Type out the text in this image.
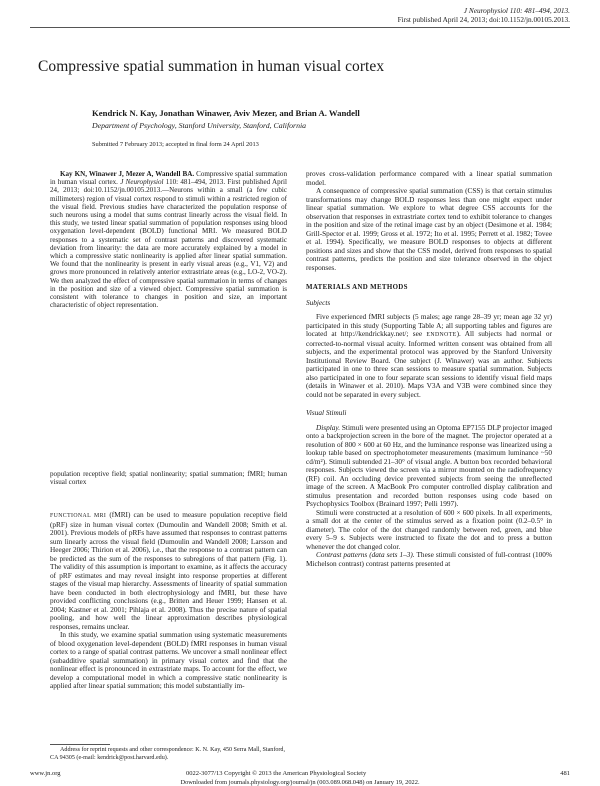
J Neurophysiol 110: 481–494, 2013.
First published April 24, 2013; doi:10.1152/jn.00105.2013.
Compressive spatial summation in human visual cortex
Kendrick N. Kay, Jonathan Winawer, Aviv Mezer, and Brian A. Wandell
Department of Psychology, Stanford University, Stanford, California
Submitted 7 February 2013; accepted in final form 24 April 2013

Kay KN, Winawer J, Mezer A, Wandell BA. Compressive spatial summation in human visual cortex. J Neurophysiol 110: 481–494, 2013. First published April 24, 2013; doi:10.1152/jn.00105.2013.—Neurons within a small (a few cubic millimeters) region of visual cortex respond to stimuli within a restricted region of the visual field. Previous studies have characterized the population response of such neurons using a model that sums contrast linearly across the visual field. In this study, we tested linear spatial summation of population responses using blood oxygenation level-dependent (BOLD) functional MRI. We measured BOLD responses to a systematic set of contrast patterns and discovered systematic deviation from linearity: the data are more accurately explained by a model in which a compressive static nonlinearity is applied after linear spatial summation. We found that the nonlinearity is present in early visual areas (e.g., V1, V2) and grows more pronounced in relatively anterior extrastriate areas (e.g., LO-2, VO-2). We then analyzed the effect of compressive spatial summation in terms of changes in the position and size of a viewed object. Compressive spatial summation is consistent with tolerance to changes in position and size, an important characteristic of object representation.

population receptive field; spatial nonlinearity; spatial summation; fMRI; human visual cortex

FUNCTIONAL MRI (fMRI) can be used to measure population receptive field (pRF) size in human visual cortex (Dumoulin and Wandell 2008; Smith et al. 2001). Previous models of pRFs have assumed that responses to contrast patterns sum linearly across the visual field (Dumoulin and Wandell 2008; Larsson and Heeger 2006; Thirion et al. 2006), i.e., that the response to a contrast pattern can be predicted as the sum of the responses to subregions of that pattern (Fig. 1). The validity of this assumption is important to examine, as it affects the accuracy of pRF estimates and may reveal insight into response properties at different stages of the visual map hierarchy. Assessments of linearity of spatial summation have been conducted in both electrophysiology and fMRI, but these have provided conflicting conclusions (e.g., Britten and Heuer 1999; Hansen et al. 2004; Kastner et al. 2001; Pihlaja et al. 2008). Thus the precise nature of spatial pooling, and how well the linear approximation describes physiological responses, remains unclear.

In this study, we examine spatial summation using systematic measurements of blood oxygenation level-dependent (BOLD) fMRI responses in human visual cortex to a range of spatial contrast patterns. We uncover a small nonlinear effect (subadditive spatial summation) in primary visual cortex and find that the nonlinear effect is pronounced in extrastriate maps. To account for the effect, we develop a computational model in which a compressive static nonlinearity is applied after linear spatial summation; this model substantially im-

proves cross-validation performance compared with a linear spatial summation model.

A consequence of compressive spatial summation (CSS) is that certain stimulus transformations may change BOLD responses less than one might expect under linear spatial summation. We explore to what degree CSS accounts for the observation that responses in extrastriate cortex tend to exhibit tolerance to changes in the position and size of the retinal image cast by an object (Desimone et al. 1984; Grill-Spector et al. 1999; Gross et al. 1972; Ito et al. 1995; Perrett et al. 1982; Tovee et al. 1994). Specifically, we measure BOLD responses to objects at different positions and sizes and show that the CSS model, derived from responses to spatial contrast patterns, predicts the position and size tolerance observed in the object responses.

MATERIALS AND METHODS

Subjects

Five experienced fMRI subjects (5 males; age range 28–39 yr; mean age 32 yr) participated in this study (Supporting Table A; all supporting tables and figures are located at http://kendrickkay.net/; see ENDNOTE). All subjects had normal or corrected-to-normal visual acuity. Informed written consent was obtained from all subjects, and the experimental protocol was approved by the Stanford University Institutional Review Board. One subject (J. Winawer) was an author. Subjects participated in one to three scan sessions to measure spatial summation. Subjects also participated in one to four separate scan sessions to identify visual field maps (details in Winawer et al. 2010). Maps V3A and V3B were combined since they could not be separated in every subject.

Visual Stimuli

Display. Stimuli were presented using an Optoma EP7155 DLP projector imaged onto a backprojection screen in the bore of the magnet. The projector operated at a resolution of 800 × 600 at 60 Hz, and the luminance response was linearized using a lookup table based on spectrophotometer measurements (maximum luminance ~50 cd/m²). Stimuli subtended 21–30° of visual angle. A button box recorded behavioral responses. Subjects viewed the screen via a mirror mounted on the radiofrequency (RF) coil. An occluding device prevented subjects from seeing the unreflected image of the screen. A MacBook Pro computer controlled display calibration and stimulus presentation and recorded button responses using code based on Psychophysics Toolbox (Brainard 1997; Pelli 1997).

Stimuli were constructed at a resolution of 600 × 600 pixels. In all experiments, a small dot at the center of the stimulus served as a fixation point (0.2–0.5° in diameter). The color of the dot changed randomly between red, green, and blue every 5–9 s. Subjects were instructed to fixate the dot and to press a button whenever the dot changed color.

Contrast patterns (data sets 1–3). These stimuli consisted of full-contrast (100% Michelson contrast) contrast patterns presented at

Address for reprint requests and other correspondence: K. N. Kay, 450 Serra Mall, Stanford, CA 94305 (e-mail: kendrick@post.harvard.edu).
www.jn.org	0022-3077/13 Copyright © 2013 the American Physiological Society	481
Downloaded from journals.physiology.org/journal/jn (003.089.068.048) on January 19, 2022.
